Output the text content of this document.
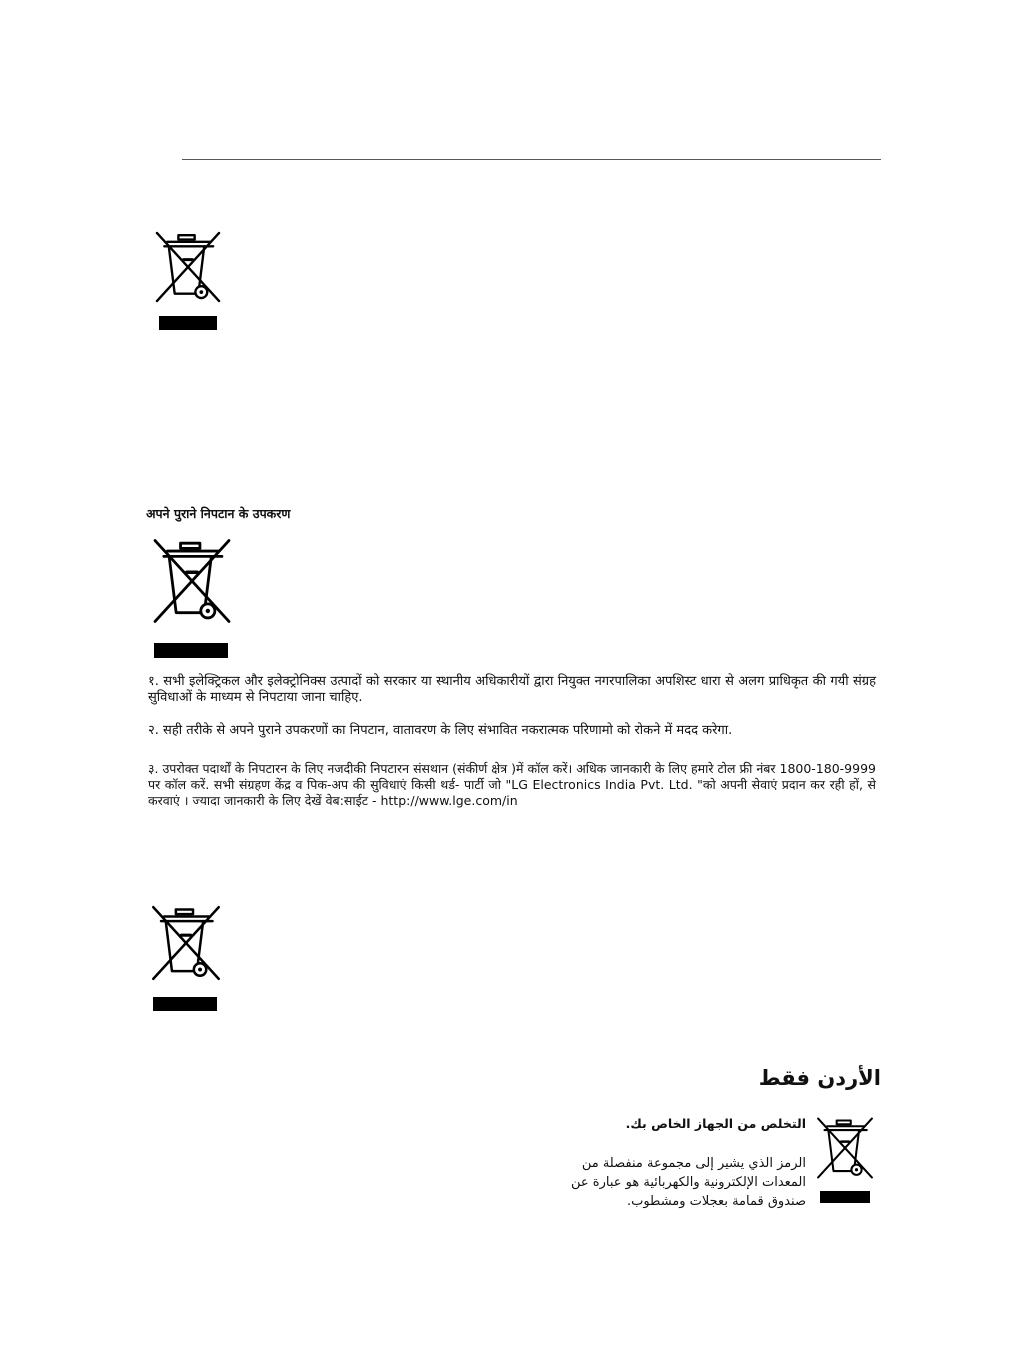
अपने पुराने निपटान के उपकरण

१. सभी इलेक्ट्रिकल और इलेक्ट्रोनिक्स उत्पादों को सरकार या स्थानीय अधिकारीयों द्वारा नियुक्त नगरपालिका अपशिस्ट धारा से अलग प्राधिकृत की गयी संग्रह सुविधाओं के माध्यम से निपटाया जाना चाहिए.

२. सही तरीके से अपने पुराने उपकरणों का निपटान, वातावरण के लिए संभावित नकरात्मक परिणामो को रोकने में मदद करेगा.

३. उपरोक्त पदार्थों के निपटारन के लिए नजदीकी निपटारन संसथान (संकीर्ण क्षेत्र )में कॉल करें। अधिक जानकारी के लिए हमारे टोल फ्री नंबर 1800-180-9999 पर कॉल करें. सभी संग्रहण केंद्र व पिक-अप की सुविधाएं किसी थर्ड- पार्टी जो "LG Electronics India Pvt. Ltd. "को अपनी सेवाएं प्रदान कर रही हों, से करवाएं । ज्यादा जानकारी के लिए देखें वेब:साईट - http://www.lge.com/in

الأردن فقط
التخلص من الجهاز الخاص بك.

الرمز الذي يشير إلى مجموعة منفصلة من المعدات الإلكترونية والكهربائية هو عبارة عن صندوق قمامة بعجلات ومشطوب.
